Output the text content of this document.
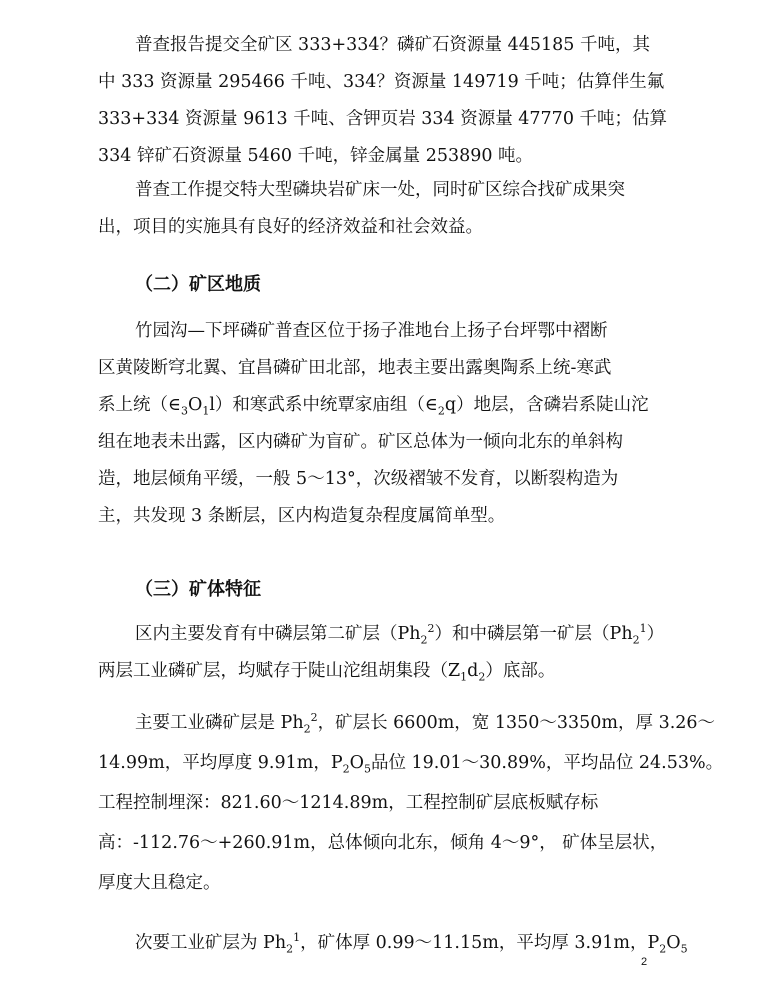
普查报告提交全矿区 333+334？磷矿石资源量 445185 千吨，其
中 333 资源量 295466 千吨、334？资源量 149719 千吨；估算伴生氟
333+334 资源量 9613 千吨、含钾页岩 334 资源量 47770 千吨；估算
334 锌矿石资源量 5460 千吨，锌金属量 253890 吨。

普查工作提交特大型磷块岩矿床一处，同时矿区综合找矿成果突
出，项目的实施具有良好的经济效益和社会效益。

（二）矿区地质

竹园沟—下坪磷矿普查区位于扬子准地台上扬子台坪鄂中褶断
区黄陵断穹北翼、宜昌磷矿田北部，地表主要出露奥陶系上统-寒武
系上统$(\in_3O_1l)$和寒武系中统覃家庙组$(\in_2q)$地层，含磷岩系陡山沱
组在地表未出露，区内磷矿为盲矿。矿区总体为一倾向北东的单斜构
造，地层倾角平缓，一般 5～13°，次级褶皱不发育，以断裂构造为
主，共发现 3 条断层，区内构造复杂程度属简单型。

（三）矿体特征

区内主要发育有中磷层第二矿层$(Ph_2^2)$和中磷层第一矿层$(Ph_2^1)$
两层工业磷矿层，均赋存于陡山沱组胡集段$(Z_1d_2)$底部。

主要工业磷矿层是 $Ph_2^2$，矿层长 6600m，宽 1350～3350m，厚 3.26～
14.99m，平均厚度 9.91m，$P_2O_5$品位 19.01～30.89%，平均品位 24.53%。
工程控制埋深：821.60～1214.89m，工程控制矿层底板赋存标
高：-112.76～+260.91m，总体倾向北东，倾角 4～9°， 矿体呈层状，
厚度大且稳定。

次要工业矿层为 $Ph_2^1$，矿体厚 0.99～11.15m，平均厚 3.91m，$P_2O_5$

2
